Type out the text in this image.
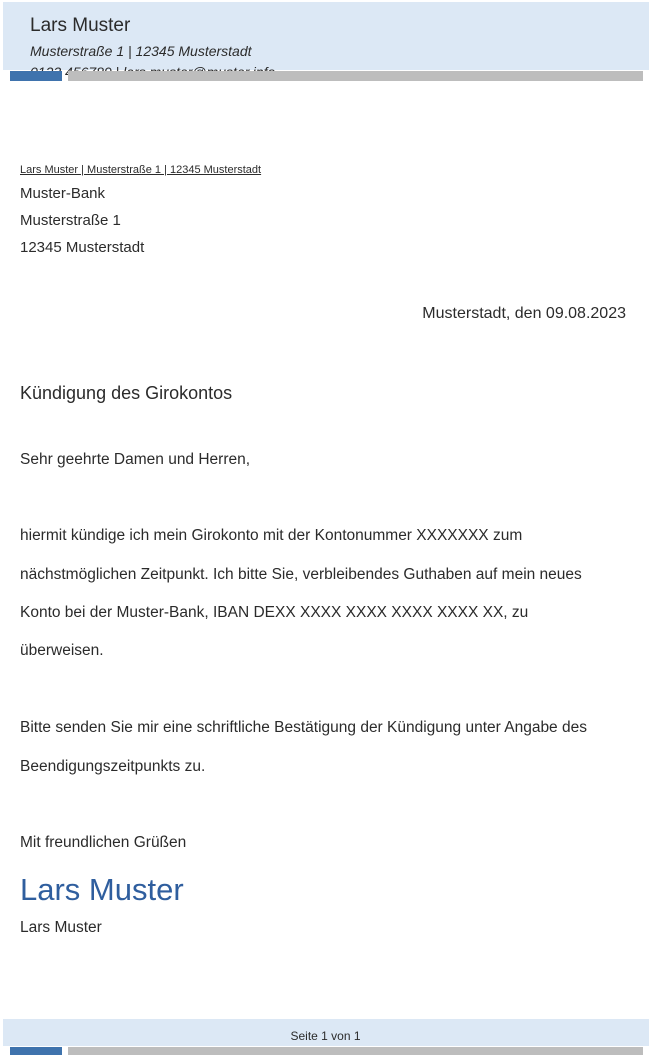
Lars Muster
Musterstraße 1 | 12345 Musterstadt
Lars Muster | Musterstraße 1 | 12345 Musterstadt
Muster-Bank
Musterstraße 1
12345 Musterstadt
Musterstadt, den 09.08.2023
Kündigung des Girokontos
Sehr geehrte Damen und Herren,
hiermit kündige ich mein Girokonto mit der Kontonummer XXXXXXX zum
nächstmöglichen Zeitpunkt. Ich bitte Sie, verbleibendes Guthaben auf mein neues
Konto bei der Muster-Bank, IBAN DEXX XXXX XXXX XXXX XXXX XX, zu
überweisen.
Bitte senden Sie mir eine schriftliche Bestätigung der Kündigung unter Angabe des
Beendigungszeitpunkts zu.
Mit freundlichen Grüßen
Lars Muster
Lars Muster
Seite 1 von 1
